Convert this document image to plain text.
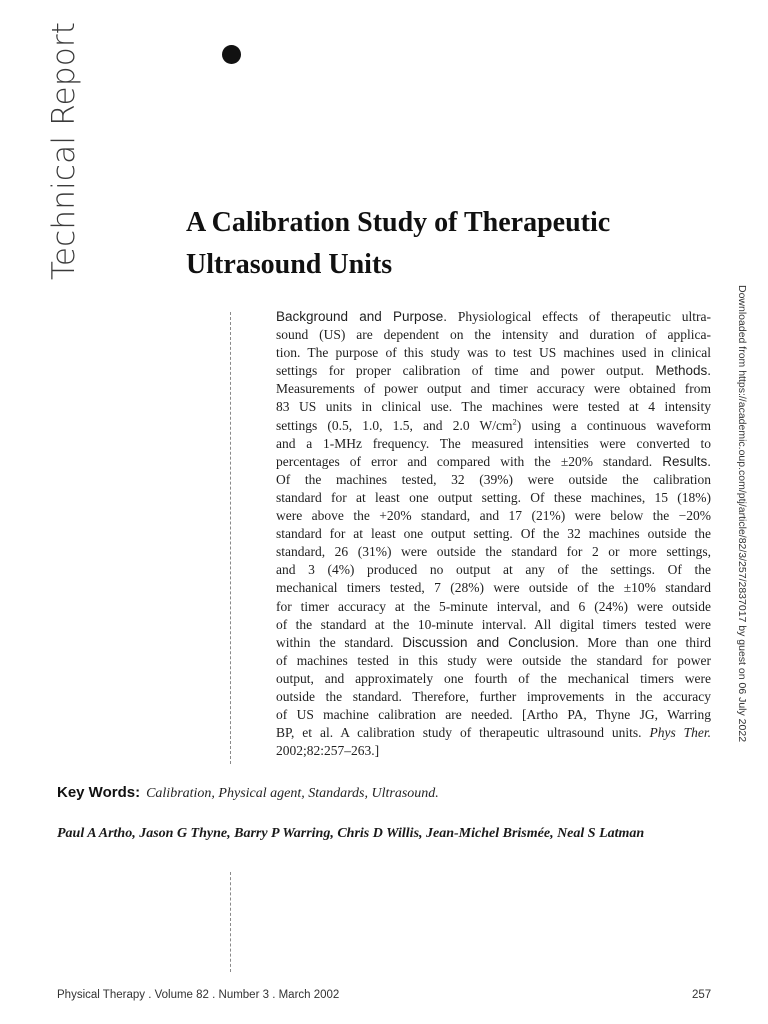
Technical Report	A Calibration Study of Therapeutic
Ultrasound Units
Background and Purpose. Physiological effects of therapeutic ultra-
sound (US) are dependent on the intensity and duration of applica-
tion. The purpose of this study was to test US machines used in clinical
settings for proper calibration of time and power output. Methods.
Measurements of power output and timer accuracy were obtained from
83 US units in clinical use. The machines were tested at 4 intensity
settings (0.5, 1.0, 1.5, and 2.0 $W/cm^2$) using a continuous waveform
and a 1-MHz frequency. The measured intensities were converted to
percentages of error and compared with the ±20% standard. Results.
Of the machines tested, 32 (39%) were outside the calibration
standard for at least one output setting. Of these machines, 15 (18%)
were above the +20% standard, and 17 (21%) were below the −20%
standard for at least one output setting. Of the 32 machines outside the
standard, 26 (31%) were outside the standard for 2 or more settings,
and 3 (4%) produced no output at any of the settings. Of the
mechanical timers tested, 7 (28%) were outside of the ±10% standard
for timer accuracy at the 5-minute interval, and 6 (24%) were outside
of the standard at the 10-minute interval. All digital timers tested were
within the standard. Discussion and Conclusion. More than one third
of machines tested in this study were outside the standard for power
output, and approximately one fourth of the mechanical timers were
outside the standard. Therefore, further improvements in the accuracy
of US machine calibration are needed. [Artho PA, Thyne JG, Warring
BP, et al. A calibration study of therapeutic ultrasound units. Phys Ther.
2002;82:257–263.]
Key Words: Calibration, Physical agent, Standards, Ultrasound.
Paul A Artho, Jason G Thyne, Barry P Warring, Chris D Willis, Jean-Michel Brismée, Neal S Latman
Downloaded from https://academic.oup.com/ptj/article/82/3/257/2837017 by guest on 06 July 2022
Physical Therapy . Volume 82 . Number 3 . March 2002	257
